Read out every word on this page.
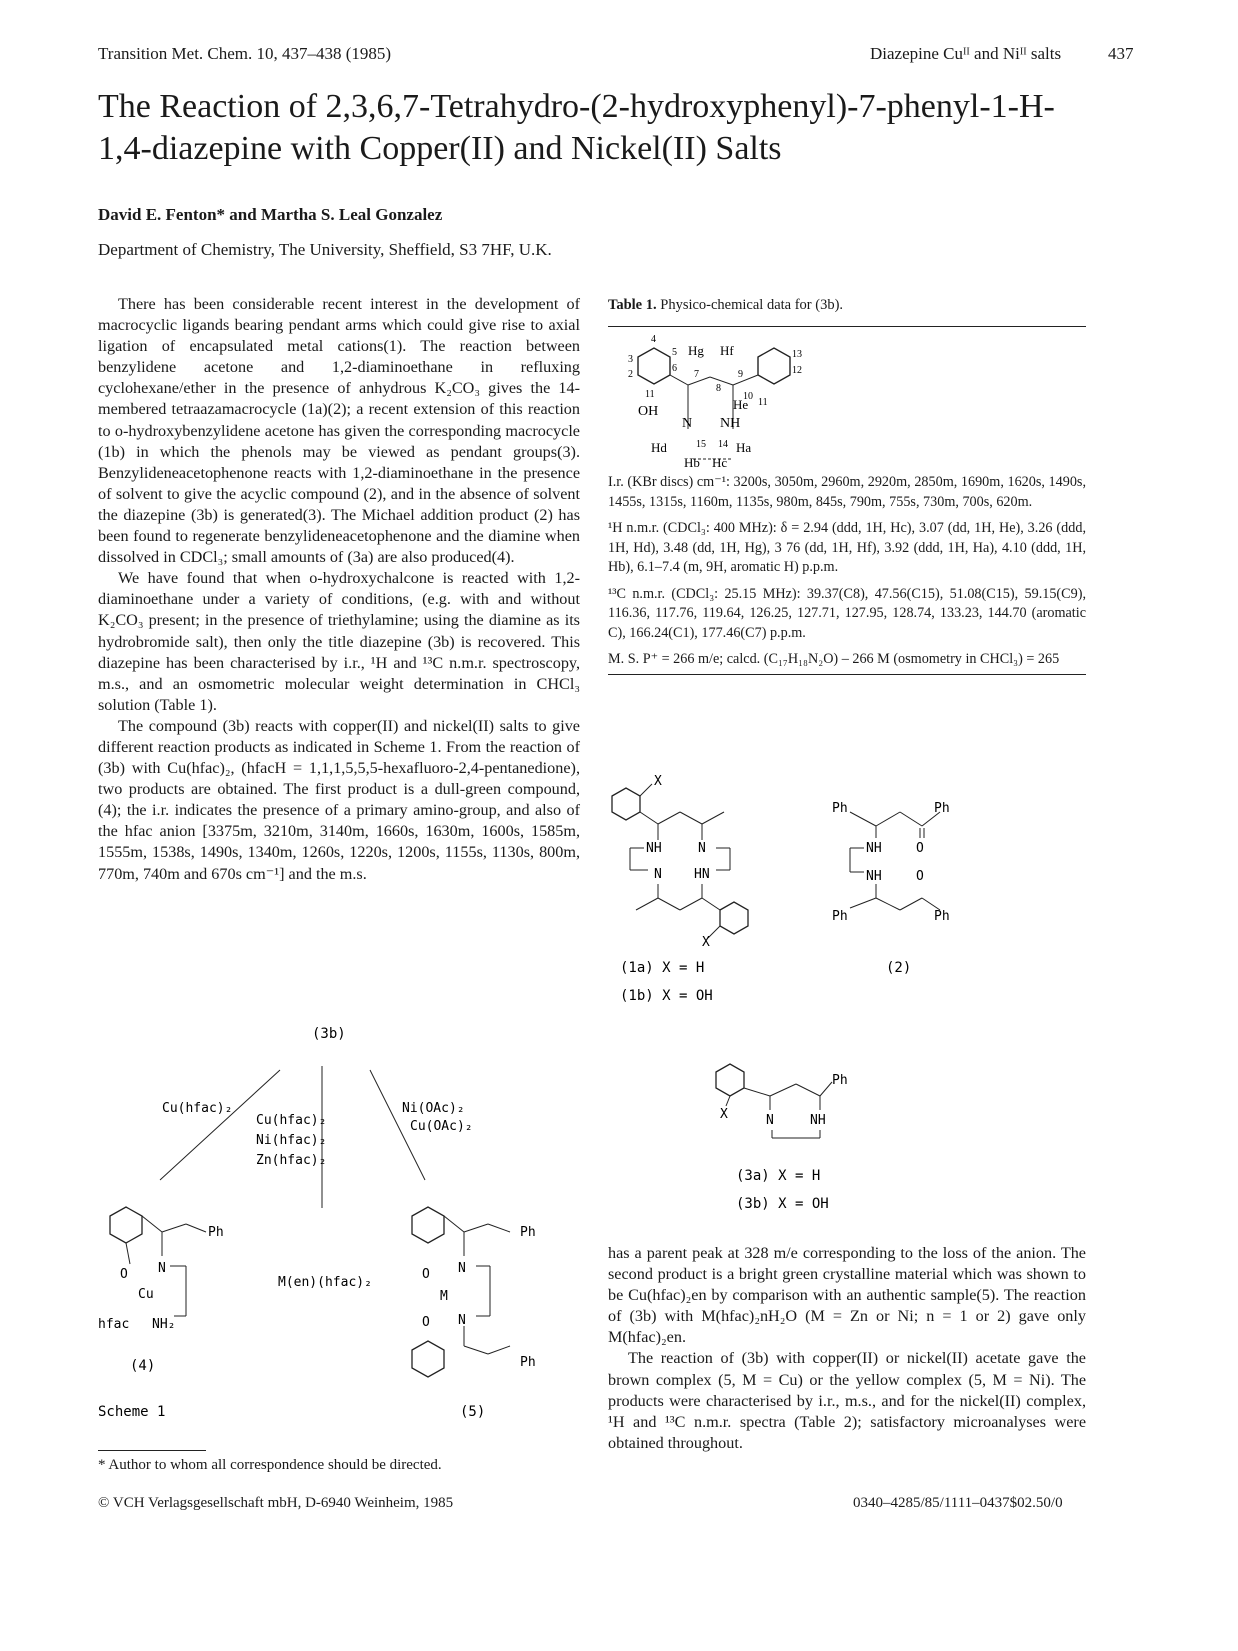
Transition Met. Chem. 10, 437–438 (1985)	Diazepine Cuᴵᴵ and Niᴵᴵ salts	437
The Reaction of 2,3,6,7-Tetrahydro-(2-hydroxyphenyl)-7-phenyl-1-H-
1,4-diazepine with Copper(II) and Nickel(II) Salts
David E. Fenton* and Martha S. Leal Gonzalez
Department of Chemistry, The University, Sheffield, S3 7HF, U.K.

There has been considerable recent interest in the development of macrocyclic ligands bearing pendant arms which could give rise to axial ligation of encapsulated metal cations(1). The reaction between benzylidene acetone and 1,2-diaminoethane in refluxing cyclohexane/ether in the presence of anhydrous K₂CO₃ gives the 14-membered tetraazamacrocycle (1a)(2); a recent extension of this reaction to o-hydroxybenzylidene acetone has given the corresponding macrocycle (1b) in which the phenols may be viewed as pendant groups(3). Benzylideneacetophenone reacts with 1,2-diaminoethane in the presence of solvent to give the acyclic compound (2), and in the absence of solvent the diazepine (3b) is generated(3). The Michael addition product (2) has been found to regenerate benzylideneacetophenone and the diamine when dissolved in CDCl₃; small amounts of (3a) are also produced(4).

We have found that when o-hydroxychalcone is reacted with 1,2-diaminoethane under a variety of conditions, (e.g. with and without K₂CO₃ present; in the presence of triethylamine; using the diamine as its hydrobromide salt), then only the title diazepine (3b) is recovered. This diazepine has been characterised by i.r., ¹H and ¹³C n.m.r. spectroscopy, m.s., and an osmometric molecular weight determination in CHCl₃ solution (Table 1).

The compound (3b) reacts with copper(II) and nickel(II) salts to give different reaction products as indicated in Scheme 1. From the reaction of (3b) with Cu(hfac)₂, (hfacH = 1,1,1,5,5,5-hexafluoro-2,4-pentanedione), two products are obtained. The first product is a dull-green compound, (4); the i.r. indicates the presence of a primary amino-group, and also of the hfac anion [3375m, 3210m, 3140m, 1660s, 1630m, 1600s, 1585m, 1555m, 1538s, 1490s, 1340m, 1260s, 1220s, 1200s, 1155s, 1130s, 800m, 770m, 740m and 670s cm⁻¹] and the m.s.

Table 1. Physico-chemical data for (3b).
4
3
2
5
6
Hg Hf
7
8
9
10
He 11
13
12
11
OH
N NH
Hd	15 14 Ha
Hb Hc

I.r. (KBr discs) cm⁻¹: 3200s, 3050m, 2960m, 2920m, 2850m, 1690m, 1620s, 1490s, 1455s, 1315s, 1160m, 1135s, 980m, 845s, 790m, 755s, 730m, 700s, 620m.

¹H n.m.r. (CDCl₃: 400 MHz): δ = 2.94 (ddd, 1H, Hc), 3.07 (dd, 1H, He), 3.26 (ddd, 1H, Hd), 3.48 (dd, 1H, Hg), 3 76 (dd, 1H, Hf), 3.92 (ddd, 1H, Ha), 4.10 (ddd, 1H, Hb), 6.1–7.4 (m, 9H, aromatic H) p.p.m.

¹³C n.m.r. (CDCl₃: 25.15 MHz): 39.37(C8), 47.56(C15), 51.08(C15), 59.15(C9), 116.36, 117.76, 119.64, 126.25, 127.71, 127.95, 128.74, 133.23, 144.70 (aromatic C), 166.24(C1), 177.46(C7) p.p.m.

M. S. P⁺ = 266 m/e; calcd. (C₁₇H₁₈N₂O) – 266 M (osmometry in CHCl₃) = 265

X
NH	N
N HN
X
(1a) X = H
(1b) X = OH
Ph	Ph
NH	O
NH	O
Ph	Ph
(2)
Ph
X	N	NH
(3a) X = H
(3b) X = OH
(3b)
Cu(hfac)₂
Cu(hfac)₂
Ni(hfac)₂
Zn(hfac)₂
Ni(OAc)₂
Cu(OAc)₂
Ph
O N
Cu
hfac NH₂
(4)
M(en)(hfac)₂
Ph
O N
M
O N
Ph
Scheme 1	(5)

has a parent peak at 328 m/e corresponding to the loss of the anion. The second product is a bright green crystalline material which was shown to be Cu(hfac)₂en by comparison with an authentic sample(5). The reaction of (3b) with M(hfac)₂nH₂O (M = Zn or Ni; n = 1 or 2) gave only M(hfac)₂en.

The reaction of (3b) with copper(II) or nickel(II) acetate gave the brown complex (5, M = Cu) or the yellow complex (5, M = Ni). The products were characterised by i.r., m.s., and for the nickel(II) complex, ¹H and ¹³C n.m.r. spectra (Table 2); satisfactory microanalyses were obtained throughout.

* Author to whom all correspondence should be directed.
© VCH Verlagsgesellschaft mbH, D-6940 Weinheim, 1985	0340–4285/85/1111–0437$02.50/0
